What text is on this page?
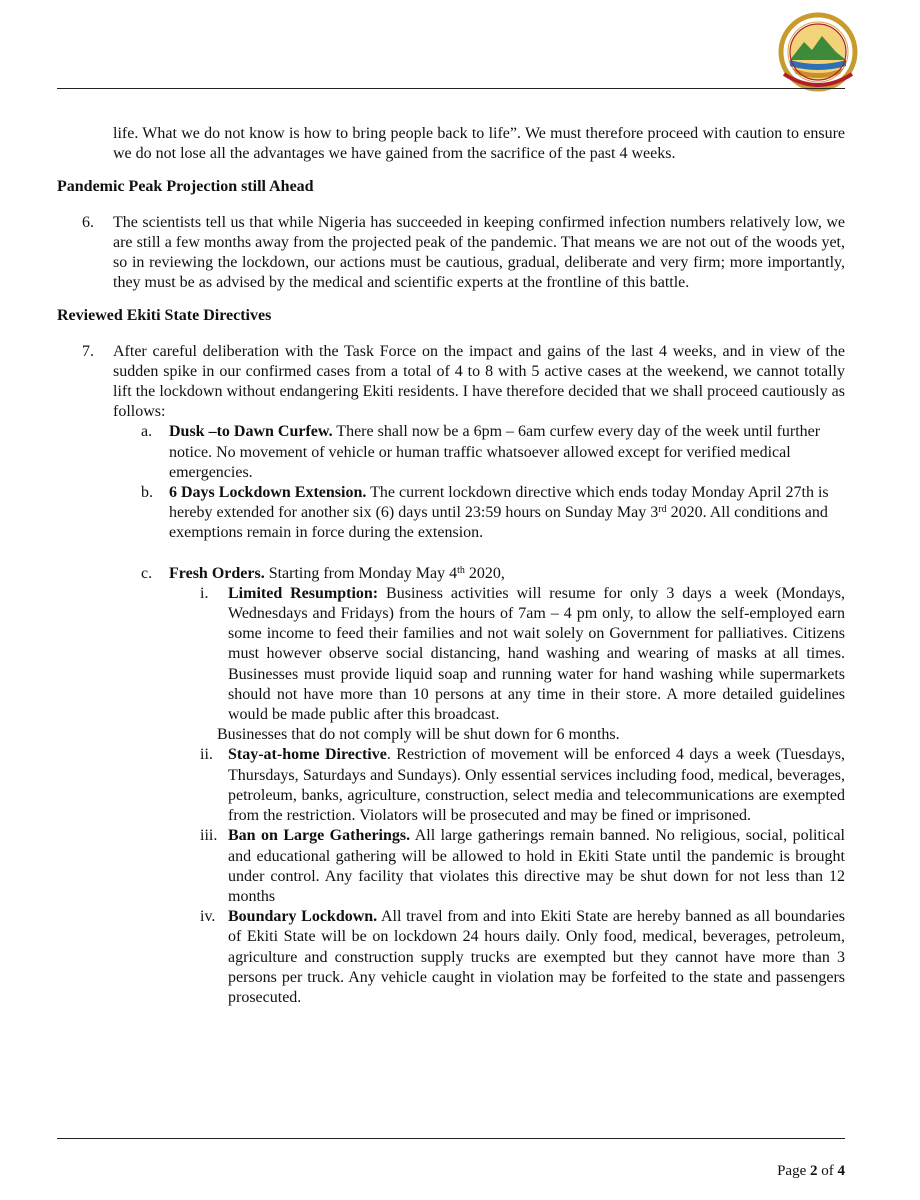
life. What we do not know is how to bring people back to life”. We must therefore proceed with caution to ensure we do not lose all the advantages we have gained from the sacrifice of the past 4 weeks.
Pandemic Peak Projection still Ahead
6. The scientists tell us that while Nigeria has succeeded in keeping confirmed infection numbers relatively low, we are still a few months away from the projected peak of the pandemic. That means we are not out of the woods yet, so in reviewing the lockdown, our actions must be cautious, gradual, deliberate and very firm; more importantly, they must be as advised by the medical and scientific experts at the frontline of this battle.
Reviewed Ekiti State Directives
7. After careful deliberation with the Task Force on the impact and gains of the last 4 weeks, and in view of the sudden spike in our confirmed cases from a total of 4 to 8 with 5 active cases at the weekend, we cannot totally lift the lockdown without endangering Ekiti residents. I have therefore decided that we shall proceed cautiously as follows:
a. Dusk –to Dawn Curfew. There shall now be a 6pm – 6am curfew every day of the week until further notice. No movement of vehicle or human traffic whatsoever allowed except for verified medical emergencies.
b. 6 Days Lockdown Extension. The current lockdown directive which ends today Monday April 27th is hereby extended for another six (6) days until 23:59 hours on Sunday May 3rd 2020. All conditions and exemptions remain in force during the extension.
c. Fresh Orders. Starting from Monday May 4th 2020,
i. Limited Resumption: Business activities will resume for only 3 days a week (Mondays, Wednesdays and Fridays) from the hours of 7am – 4 pm only, to allow the self-employed earn some income to feed their families and not wait solely on Government for palliatives. Citizens must however observe social distancing, hand washing and wearing of masks at all times. Businesses must provide liquid soap and running water for hand washing while supermarkets should not have more than 10 persons at any time in their store. A more detailed guidelines would be made public after this broadcast.
Businesses that do not comply will be shut down for 6 months.
ii. Stay-at-home Directive. Restriction of movement will be enforced 4 days a week (Tuesdays, Thursdays, Saturdays and Sundays). Only essential services including food, medical, beverages, petroleum, banks, agriculture, construction, select media and telecommunications are exempted from the restriction. Violators will be prosecuted and may be fined or imprisoned.
iii. Ban on Large Gatherings. All large gatherings remain banned. No religious, social, political and educational gathering will be allowed to hold in Ekiti State until the pandemic is brought under control. Any facility that violates this directive may be shut down for not less than 12 months
iv. Boundary Lockdown. All travel from and into Ekiti State are hereby banned as all boundaries of Ekiti State will be on lockdown 24 hours daily. Only food, medical, beverages, petroleum, agriculture and construction supply trucks are exempted but they cannot have more than 3 persons per truck. Any vehicle caught in violation may be forfeited to the state and passengers prosecuted.
Page 2 of 4
